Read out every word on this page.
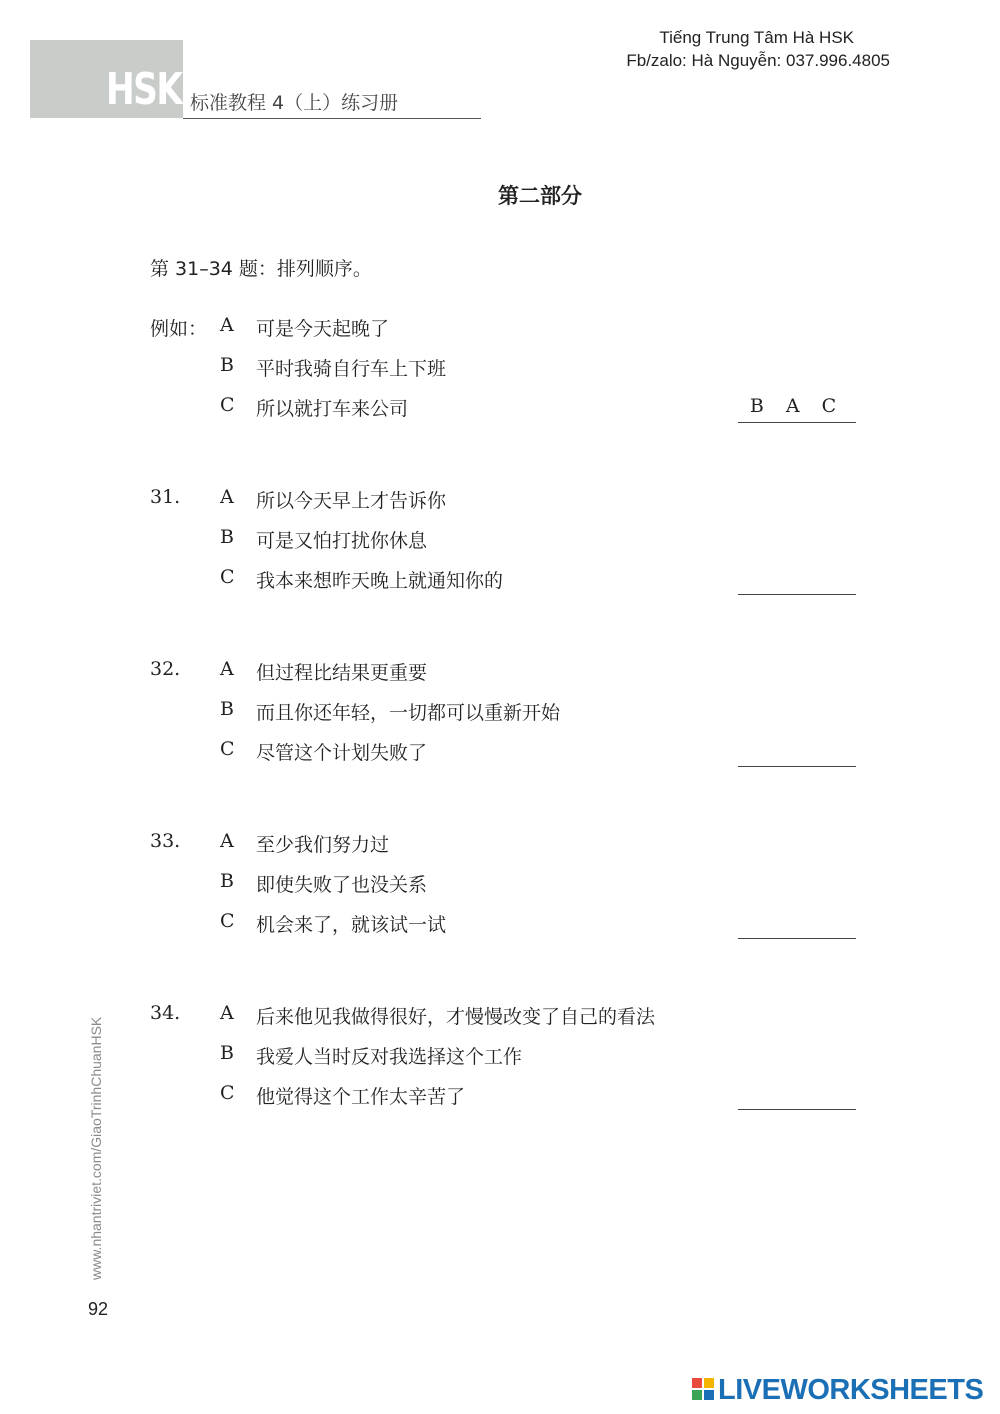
HSK 标准教程 4（上）练习册
Tiếng Trung Tâm Hà HSK
Fb/zalo: Hà Nguyễn: 037.996.4805
第二部分
第 31–34 题：排列顺序。
例如： A 可是今天起晚了
B 平时我骑自行车上下班
C 所以就打车来公司	B A C
31. A 所以今天早上才告诉你
B 可是又怕打扰你休息
C 我本来想昨天晚上就通知你的
32. A 但过程比结果更重要
B 而且你还年轻，一切都可以重新开始
C 尽管这个计划失败了
33. A 至少我们努力过
B 即使失败了也没关系
C 机会来了，就该试一试
34. A 后来他见我做得很好，才慢慢改变了自己的看法
B 我爱人当时反对我选择这个工作
C 他觉得这个工作太辛苦了
www.nhantriviet.com/GiaoTrinhChuanHSK
92
LIVEWORKSHEETS
